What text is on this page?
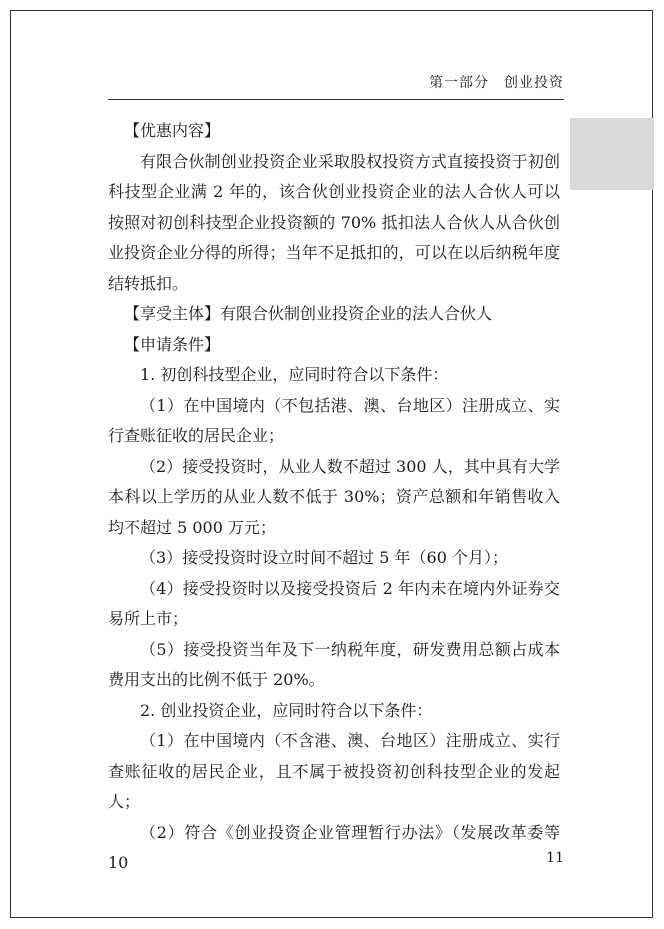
第一部分　创业投资

【优惠内容】

有限合伙制创业投资企业采取股权投资方式直接投资于初创科技型企业满 2 年的，该合伙创业投资企业的法人合伙人可以按照对初创科技型企业投资额的 70% 抵扣法人合伙人从合伙创业投资企业分得的所得；当年不足抵扣的，可以在以后纳税年度结转抵扣。

【享受主体】有限合伙制创业投资企业的法人合伙人

【申请条件】

1. 初创科技型企业，应同时符合以下条件：

（1）在中国境内（不包括港、澳、台地区）注册成立、实行查账征收的居民企业；

（2）接受投资时，从业人数不超过 300 人，其中具有大学本科以上学历的从业人数不低于 30%；资产总额和年销售收入均不超过 5 000 万元；

（3）接受投资时设立时间不超过 5 年（60 个月）；

（4）接受投资时以及接受投资后 2 年内未在境内外证券交易所上市；

（5）接受投资当年及下一纳税年度，研发费用总额占成本费用支出的比例不低于 20%。

2. 创业投资企业，应同时符合以下条件：

（1）在中国境内（不含港、澳、台地区）注册成立、实行查账征收的居民企业，且不属于被投资初创科技型企业的发起人；

（2）符合《创业投资企业管理暂行办法》（发展改革委等 10	11
